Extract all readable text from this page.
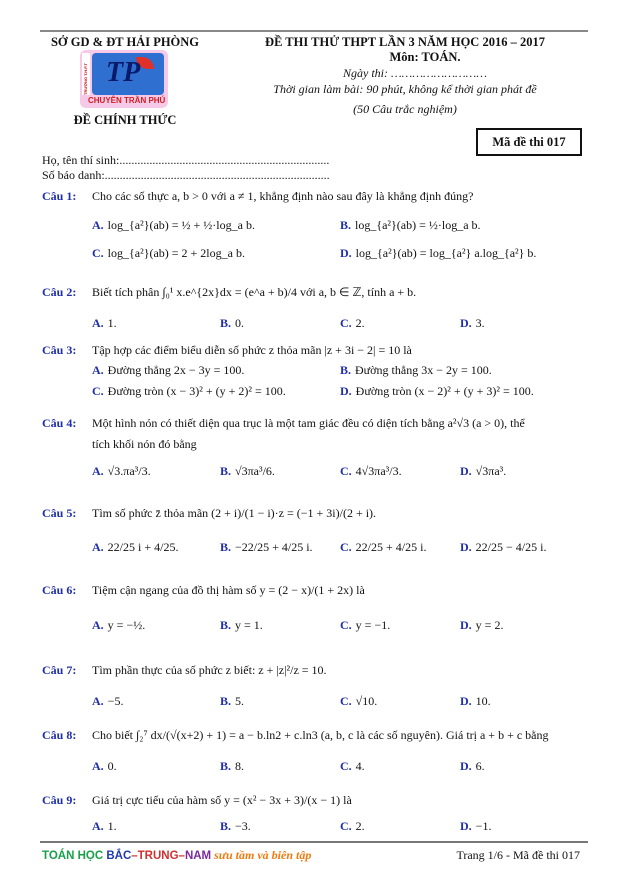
SỞ GD & ĐT HẢI PHÒNG
TRƯỜNG T.H.P.T TP
CHUYÊN TRẦN PHÚ
ĐỀ CHÍNH THỨC
ĐỀ THI THỬ THPT LẦN 3 NĂM HỌC 2016 – 2017
Môn: TOÁN.
Ngày thi: ………………………
Thời gian làm bài: 90 phút, không kể thời gian phát đề
(50 Câu trắc nghiệm)
Mã đề thi 017
Họ, tên thí sinh:......................................................................
Số báo danh:...........................................................................
Câu 1: Cho các số thực a, b > 0 với a ≠ 1, khẳng định nào sau đây là khẳng định đúng?
A. log_{a²}(ab) = ½ + ½·log_a b.	B. log_{a²}(ab) = ½·log_a b.
C. log_{a²}(ab) = 2 + 2log_a b.	D. log_{a²}(ab) = log_{a²} a.log_{a²} b.
Câu 2: Biết tích phân ∫₀¹ x.e^{2x}dx = (e^a + b)/4 với a, b ∈ ℤ, tính a + b.
A. 1.	B. 0.	C. 2.	D. 3.
Câu 3: Tập hợp các điểm biểu diễn số phức z thỏa mãn |z + 3i − 2| = 10 là
A. Đường thẳng 2x − 3y = 100.	B. Đường thẳng 3x − 2y = 100.
C. Đường tròn (x − 3)² + (y + 2)² = 100.	D. Đường tròn (x − 2)² + (y + 3)² = 100.
Câu 4: Một hình nón có thiết diện qua trục là một tam giác đều có diện tích bằng a²√3 (a > 0), thể
tích khối nón đó bằng
A. √3.πa³/3.	B. √3πa³/6.	C. 4√3πa³/3.	D. √3πa³.
Câu 5: Tìm số phức z̄ thỏa mãn (2 + i)/(1 − i)·z = (−1 + 3i)/(2 + i).
A. 22/25 i + 4/25.	B. −22/25 + 4/25 i. C. 22/25 + 4/25 i.	D. 22/25 − 4/25 i.
Câu 6: Tiệm cận ngang của đồ thị hàm số y = (2 − x)/(1 + 2x) là
A. y = −½.	B. y = 1.	C. y = −1.	D. y = 2.
Câu 7: Tìm phần thực của số phức z biết: z + |z|²/z = 10.
A. −5.	B. 5.	C. √10.	D. 10.
Câu 8: Cho biết ∫₂⁷ dx/(√(x+2) + 1) = a − b.ln2 + c.ln3 (a, b, c là các số nguyên). Giá trị a + b + c bằng
A. 0.	B. 8.	C. 4.	D. 6.
Câu 9: Giá trị cực tiểu của hàm số y = (x² − 3x + 3)/(x − 1) là
A. 1.	B. −3.	C. 2.	D. −1.
TOÁN HỌC BẮC–TRUNG–NAM sưu tầm và biên tập	Trang 1/6 - Mã đề thi 017
